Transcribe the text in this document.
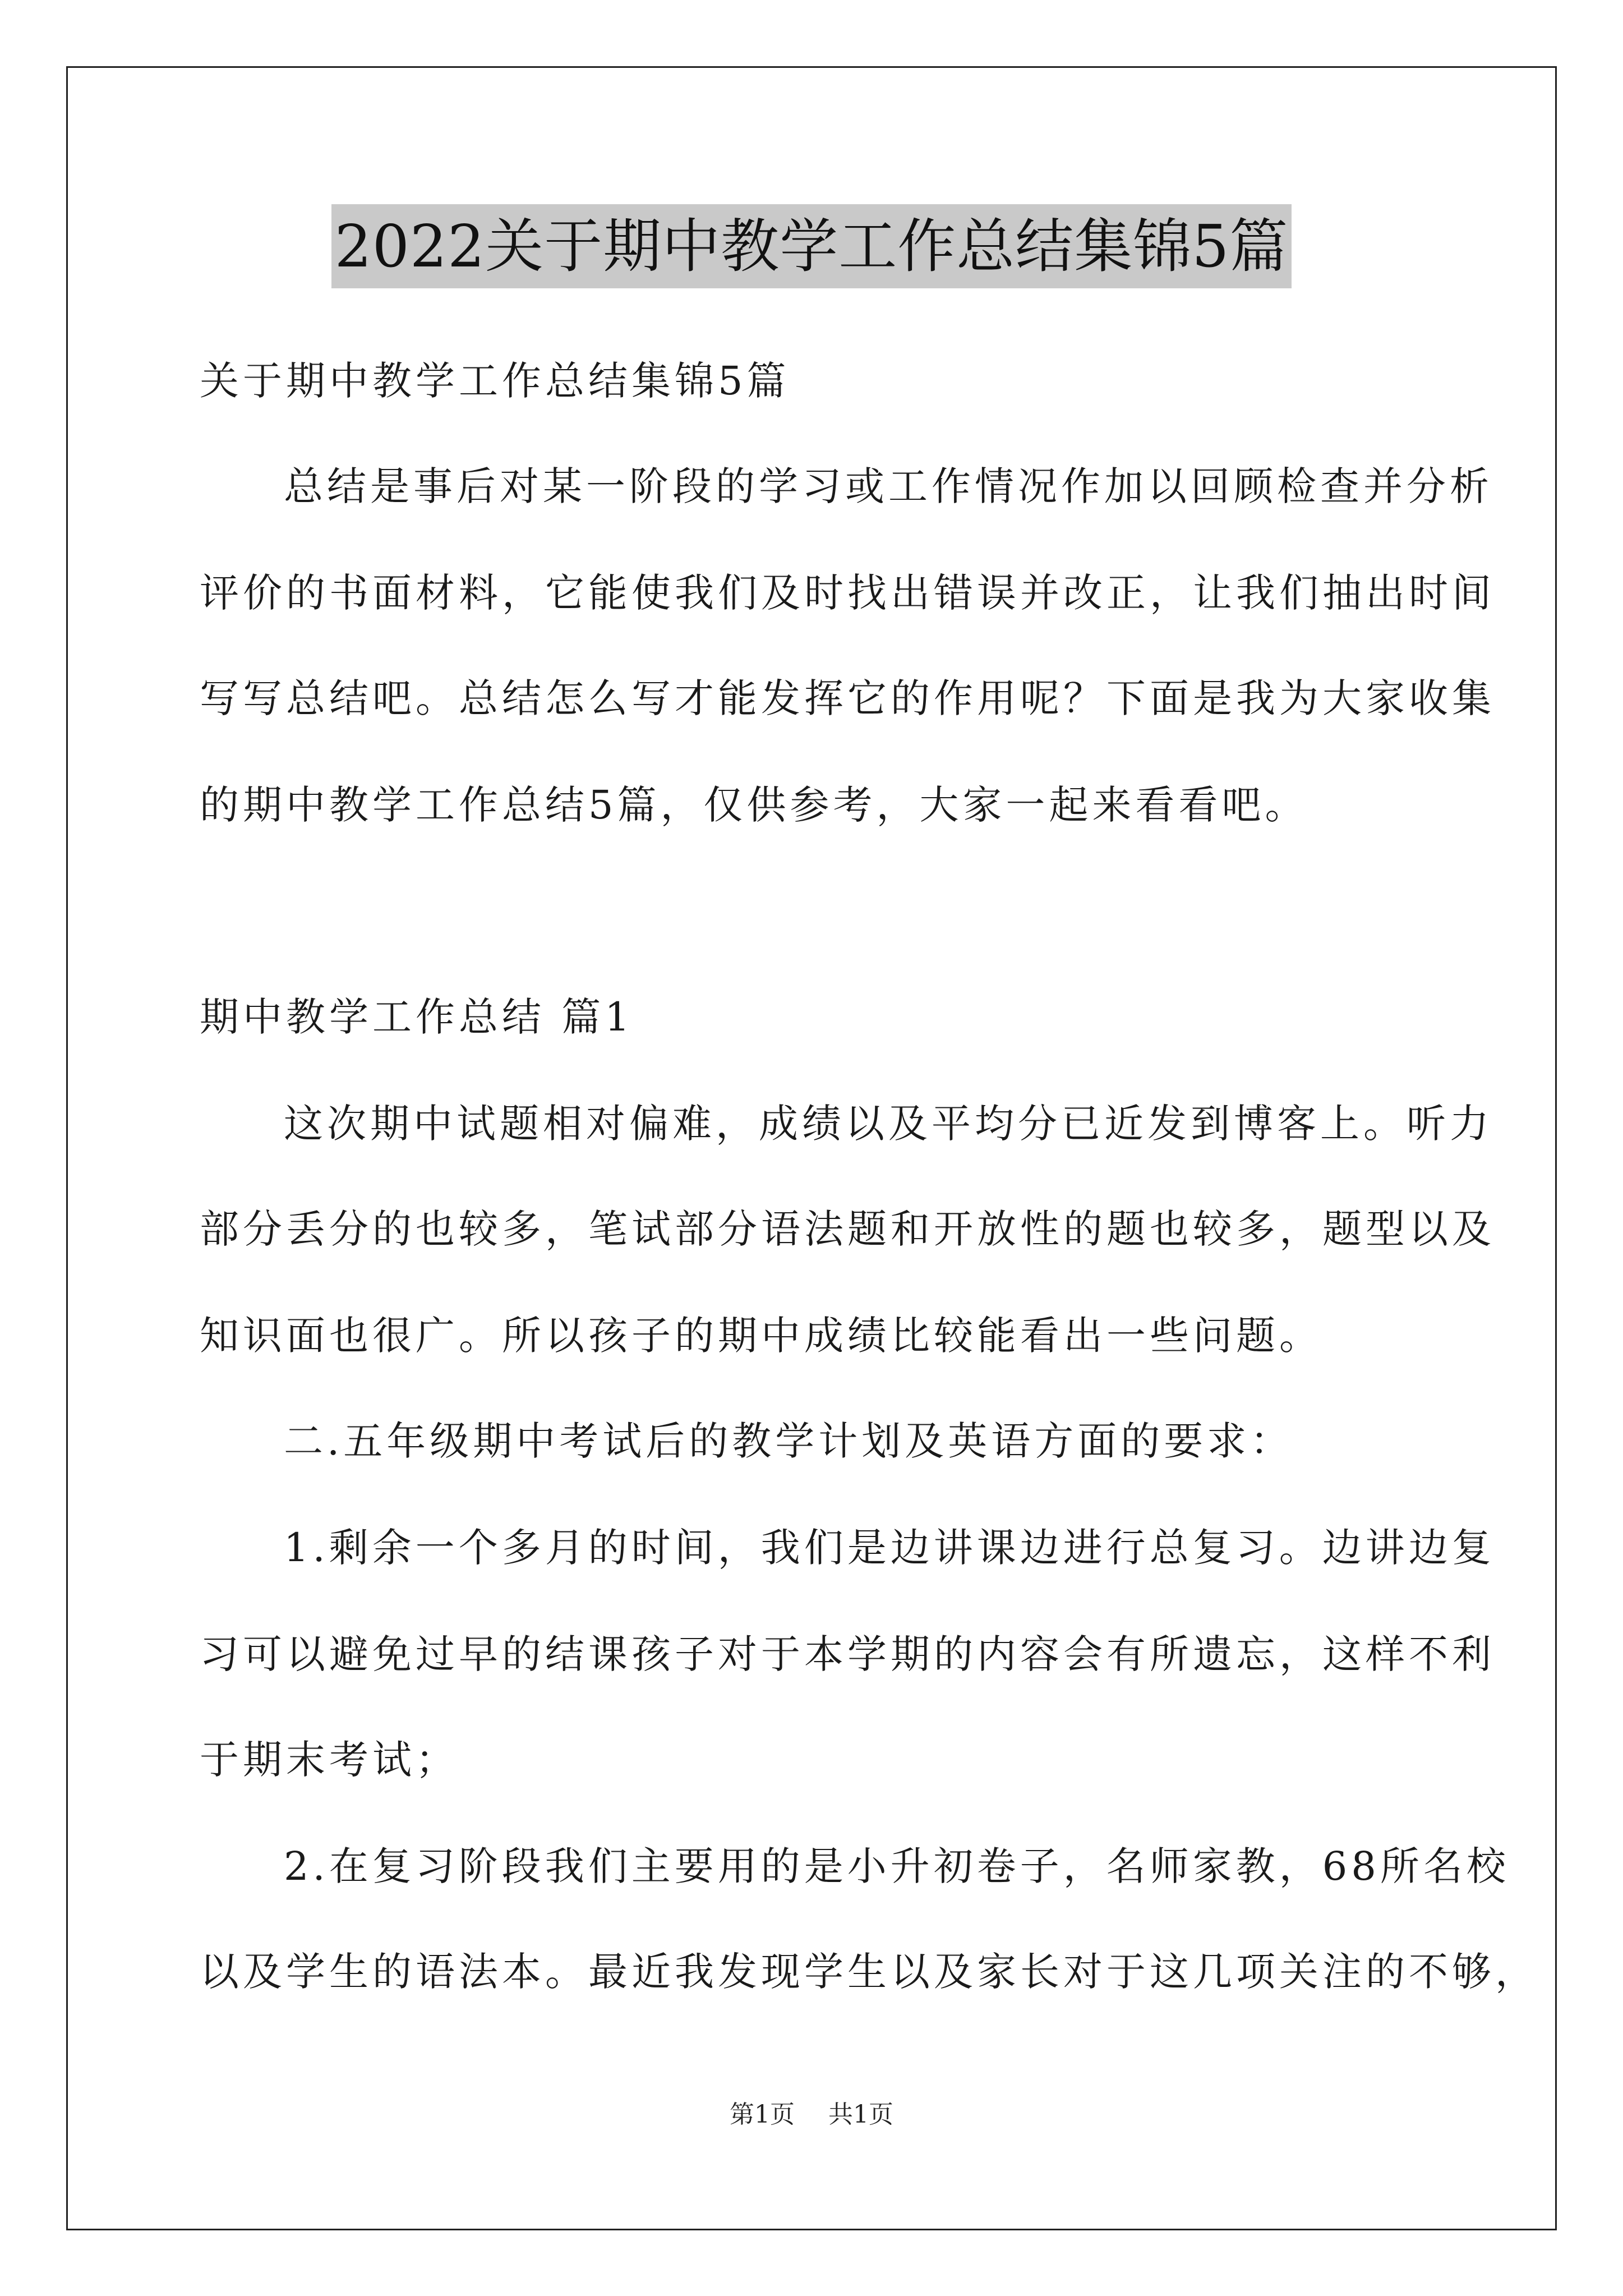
2022关于期中教学工作总结集锦5篇
关于期中教学工作总结集锦5篇
总结是事后对某一阶段的学习或工作情况作加以回顾检查并分析
评价的书面材料，它能使我们及时找出错误并改正，让我们抽出时间
写写总结吧。总结怎么写才能发挥它的作用呢？下面是我为大家收集
的期中教学工作总结5篇，仅供参考，大家一起来看看吧。
期中教学工作总结 篇1
这次期中试题相对偏难，成绩以及平均分已近发到博客上。听力
部分丢分的也较多，笔试部分语法题和开放性的题也较多，题型以及
知识面也很广。所以孩子的期中成绩比较能看出一些问题。
二.五年级期中考试后的教学计划及英语方面的要求：
1.剩余一个多月的时间，我们是边讲课边进行总复习。边讲边复
习可以避免过早的结课孩子对于本学期的内容会有所遗忘，这样不利
于期末考试；
2.在复习阶段我们主要用的是小升初卷子，名师家教，68所名校
以及学生的语法本。最近我发现学生以及家长对于这几项关注的不够，
第1页 共1页
